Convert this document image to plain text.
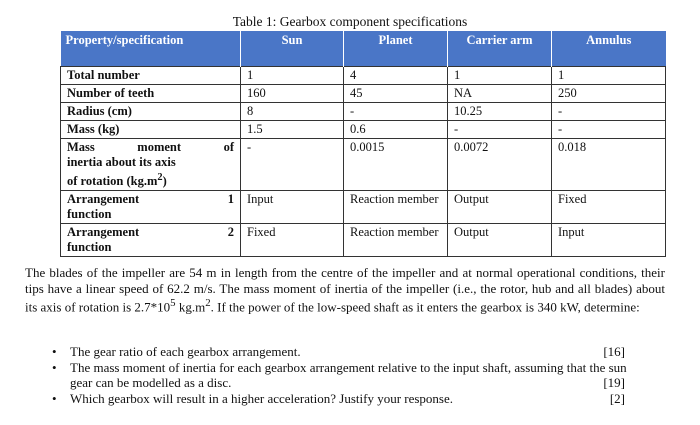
Table 1: Gearbox component specifications
Property/specification	Sun	Planet	Carrier arm	Annulus
Total number	1	4	1	1
Number of teeth	160	45	NA	250
Radius (cm)	8	-	10.25	-
Mass (kg)	1.5	0.6	-	-

Mass moment of
inertia about its axis
of rotation $(kg.m^2)$	-	0.0015	0.0072	0.018

Arrangement 1
function	Input	Reaction member	Output	Fixed

Arrangement 2
function	Fixed	Reaction member	Output	Input
The blades of the impeller are 54 m in length from the centre of the impeller and at normal operational conditions, their tips have a linear speed of 62.2 m/s. The mass moment of inertia of the impeller (i.e., the rotor, hub and all blades) about its axis of rotation is $2.7*10^5$ $kg.m^2$. If the power of the low-speed shaft as it enters the gearbox is 340 kW, determine:
• The gear ratio of each gearbox arrangement.	[16]
• The mass moment of inertia for each gearbox arrangement relative to the input shaft, assuming that the sun gear can be modelled as a disc.	[19]
• Which gearbox will result in a higher acceleration? Justify your response.	[2]
